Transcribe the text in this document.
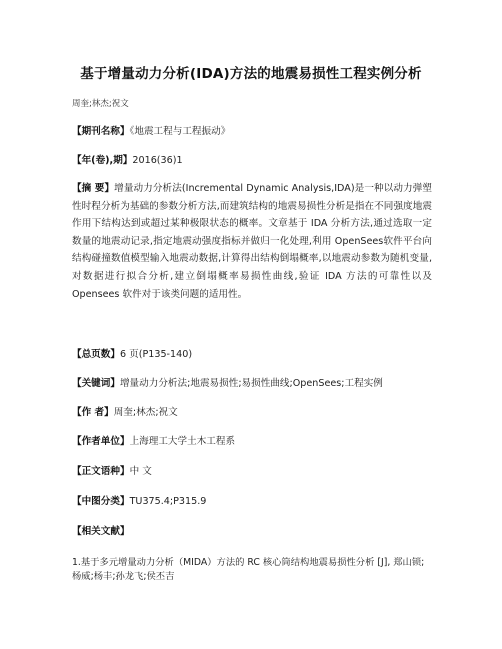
基于增量动力分析(IDA)方法的地震易损性工程实例分析
周奎;林杰;祝文
【期刊名称】《地震工程与工程振动》
【年(卷),期】2016(36)1
【摘 要】增量动力分析法(Incremental Dynamic Analysis,IDA)是一种以动力弹塑性时程分析为基础的参数分析方法,而建筑结构的地震易损性分析是指在不同强度地震作用下结构达到或超过某种极限状态的概率。文章基于 IDA 分析方法,通过选取一定数量的地震动记录,指定地震动强度指标并做归一化处理,利用 OpenSees软件平台向结构碰撞数值模型输入地震动数据,计算得出结构倒塌概率,以地震动参数为随机变量,对数据进行拟合分析,建立倒塌概率易损性曲线,验证 IDA 方法的可靠性以及 Opensees 软件对于该类问题的适用性。
【总页数】6 页(P135-140)
【关键词】增量动力分析法;地震易损性;易损性曲线;OpenSees;工程实例
【作 者】周奎;林杰;祝文
【作者单位】上海理工大学土木工程系
【正文语种】中 文
【中图分类】TU375.4;P315.9
【相关文献】
1.基于多元增量动力分析（MIDA）方法的 RC 核心筒结构地震易损性分析 [J], 郑山锁;杨威;杨丰;孙龙飞;侯丕吉
